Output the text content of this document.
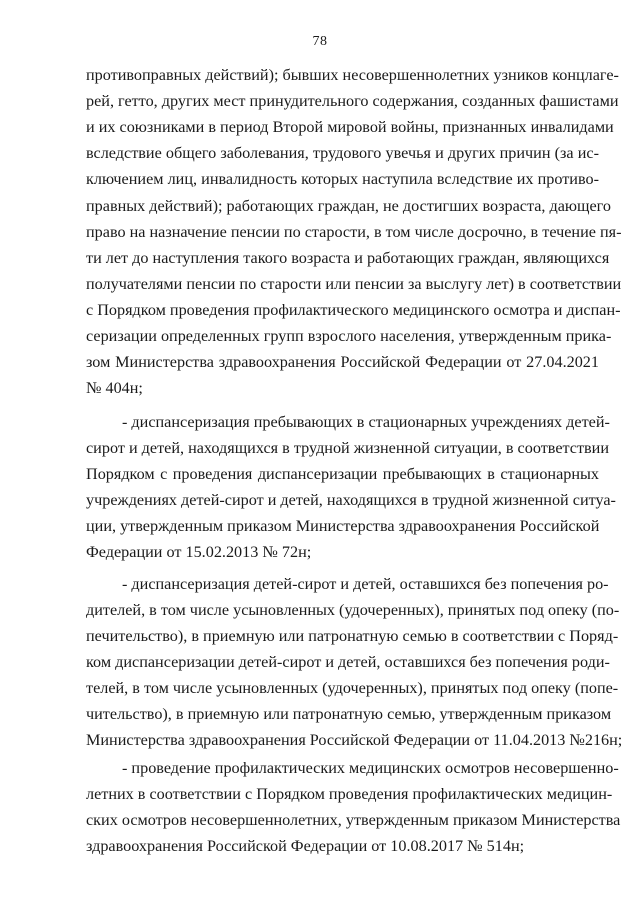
78
противоправных действий); бывших несовершеннолетних узников концлаге-
рей, гетто, других мест принудительного содержания, созданных фашистами
и их союзниками в период Второй мировой войны, признанных инвалидами
вследствие общего заболевания, трудового увечья и других причин (за ис-
ключением лиц, инвалидность которых наступила вследствие их противо-
правных действий); работающих граждан, не достигших возраста, дающего
право на назначение пенсии по старости, в том числе досрочно, в течение пя-
ти лет до наступления такого возраста и работающих граждан, являющихся
получателями пенсии по старости или пенсии за выслугу лет) в соответствии
с Порядком проведения профилактического медицинского осмотра и диспан-
серизации определенных групп взрослого населения, утвержденным прика-
зом Министерства здравоохранения Российской Федерации от 27.04.2021
№ 404н;
- диспансеризация пребывающих в стационарных учреждениях детей-
сирот и детей, находящихся в трудной жизненной ситуации, в соответствии
Порядком с проведения диспансеризации пребывающих в стационарных
учреждениях детей-сирот и детей, находящихся в трудной жизненной ситуа-
ции, утвержденным приказом Министерства здравоохранения Российской
Федерации от 15.02.2013 № 72н;
- диспансеризация детей-сирот и детей, оставшихся без попечения ро-
дителей, в том числе усыновленных (удочеренных), принятых под опеку (по-
печительство), в приемную или патронатную семью в соответствии с Поряд-
ком диспансеризации детей-сирот и детей, оставшихся без попечения роди-
телей, в том числе усыновленных (удочеренных), принятых под опеку (попе-
чительство), в приемную или патронатную семью, утвержденным приказом
Министерства здравоохранения Российской Федерации от 11.04.2013 №216н;
- проведение профилактических медицинских осмотров несовершенно-
летних в соответствии с Порядком проведения профилактических медицин-
ских осмотров несовершеннолетних, утвержденным приказом Министерства
здравоохранения Российской Федерации от 10.08.2017 № 514н;
